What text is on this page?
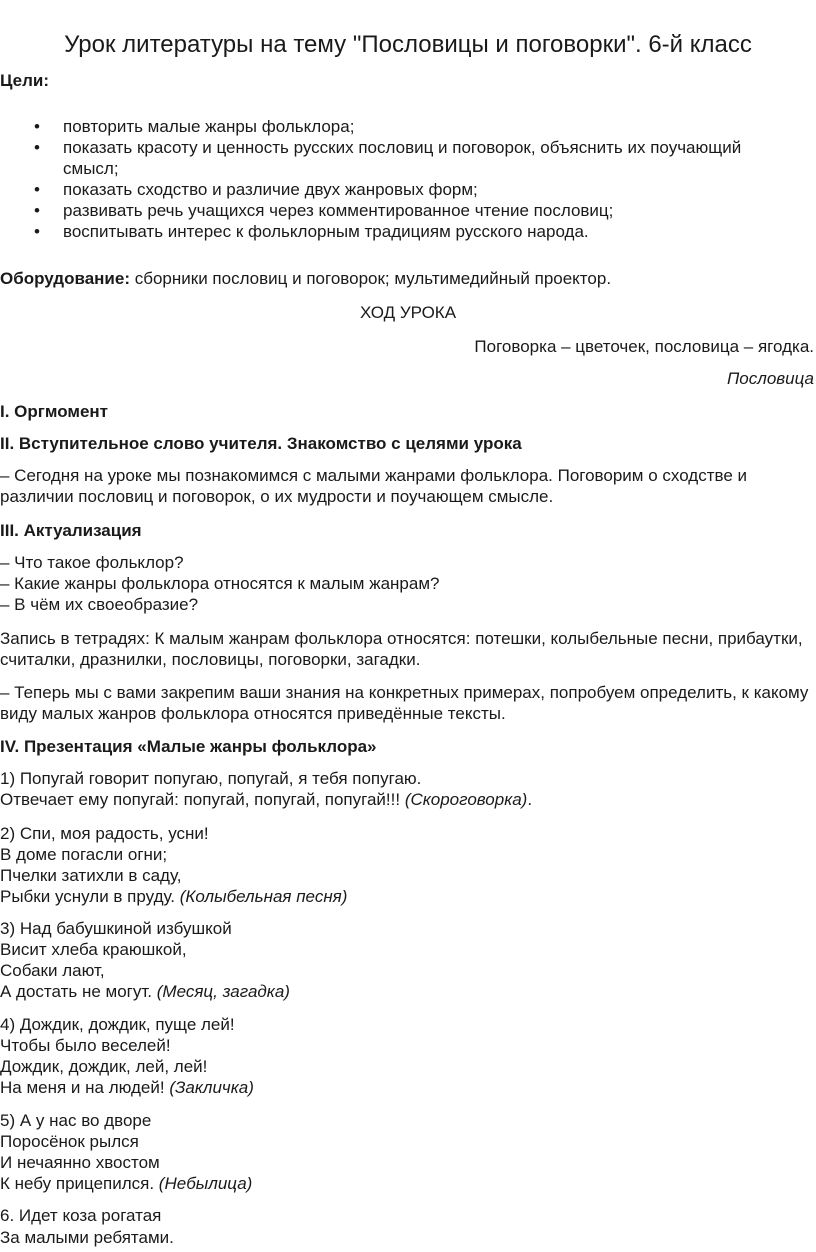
Урок литературы на тему "Пословицы и поговорки". 6-й класс
Цели:
• повторить малые жанры фольклора;
• показать красоту и ценность русских пословиц и поговорок, объяснить их поучающий смысл;
• показать сходство и различие двух жанровых форм;
• развивать речь учащихся через комментированное чтение пословиц;
• воспитывать интерес к фольклорным традициям русского народа.
Оборудование: сборники пословиц и поговорок; мультимедийный проектор.
ХОД УРОКА
Поговорка – цветочек, пословица – ягодка.
Пословица
I. Оргмомент
II. Вступительное слово учителя. Знакомство с целями урока

– Сегодня на уроке мы познакомимся с малыми жанрами фольклора. Поговорим о сходстве и различии пословиц и поговорок, о их мудрости и поучающем смысле.

III. Актуализация

– Что такое фольклор?

– Какие жанры фольклора относятся к малым жанрам?

– В чём их своеобразие?

Запись в тетрадях: К малым жанрам фольклора относятся: потешки, колыбельные песни, прибаутки, считалки, дразнилки, пословицы, поговорки, загадки.

– Теперь мы с вами закрепим ваши знания на конкретных примерах, попробуем определить, к какому виду малых жанров фольклора относятся приведённые тексты.

IV. Презентация «Малые жанры фольклора»

1) Попугай говорит попугаю, попугай, я тебя попугаю.

Отвечает ему попугай: попугай, попугай, попугай!!! (Скороговорка).

2) Спи, моя радость, усни!

В доме погасли огни;

Пчелки затихли в саду,

Рыбки уснули в пруду. (Колыбельная песня)

3) Над бабушкиной избушкой

Висит хлеба краюшкой,

Собаки лают,

А достать не могут. (Месяц, загадка)

4) Дождик, дождик, пуще лей!

Чтобы было веселей!

Дождик, дождик, лей, лей!

На меня и на людей! (Закличка)

5) А у нас во дворе

Поросёнок рылся

И нечаянно хвостом

К небу прицепился. (Небылица)

6. Идет коза рогатая

За малыми ребятами.
